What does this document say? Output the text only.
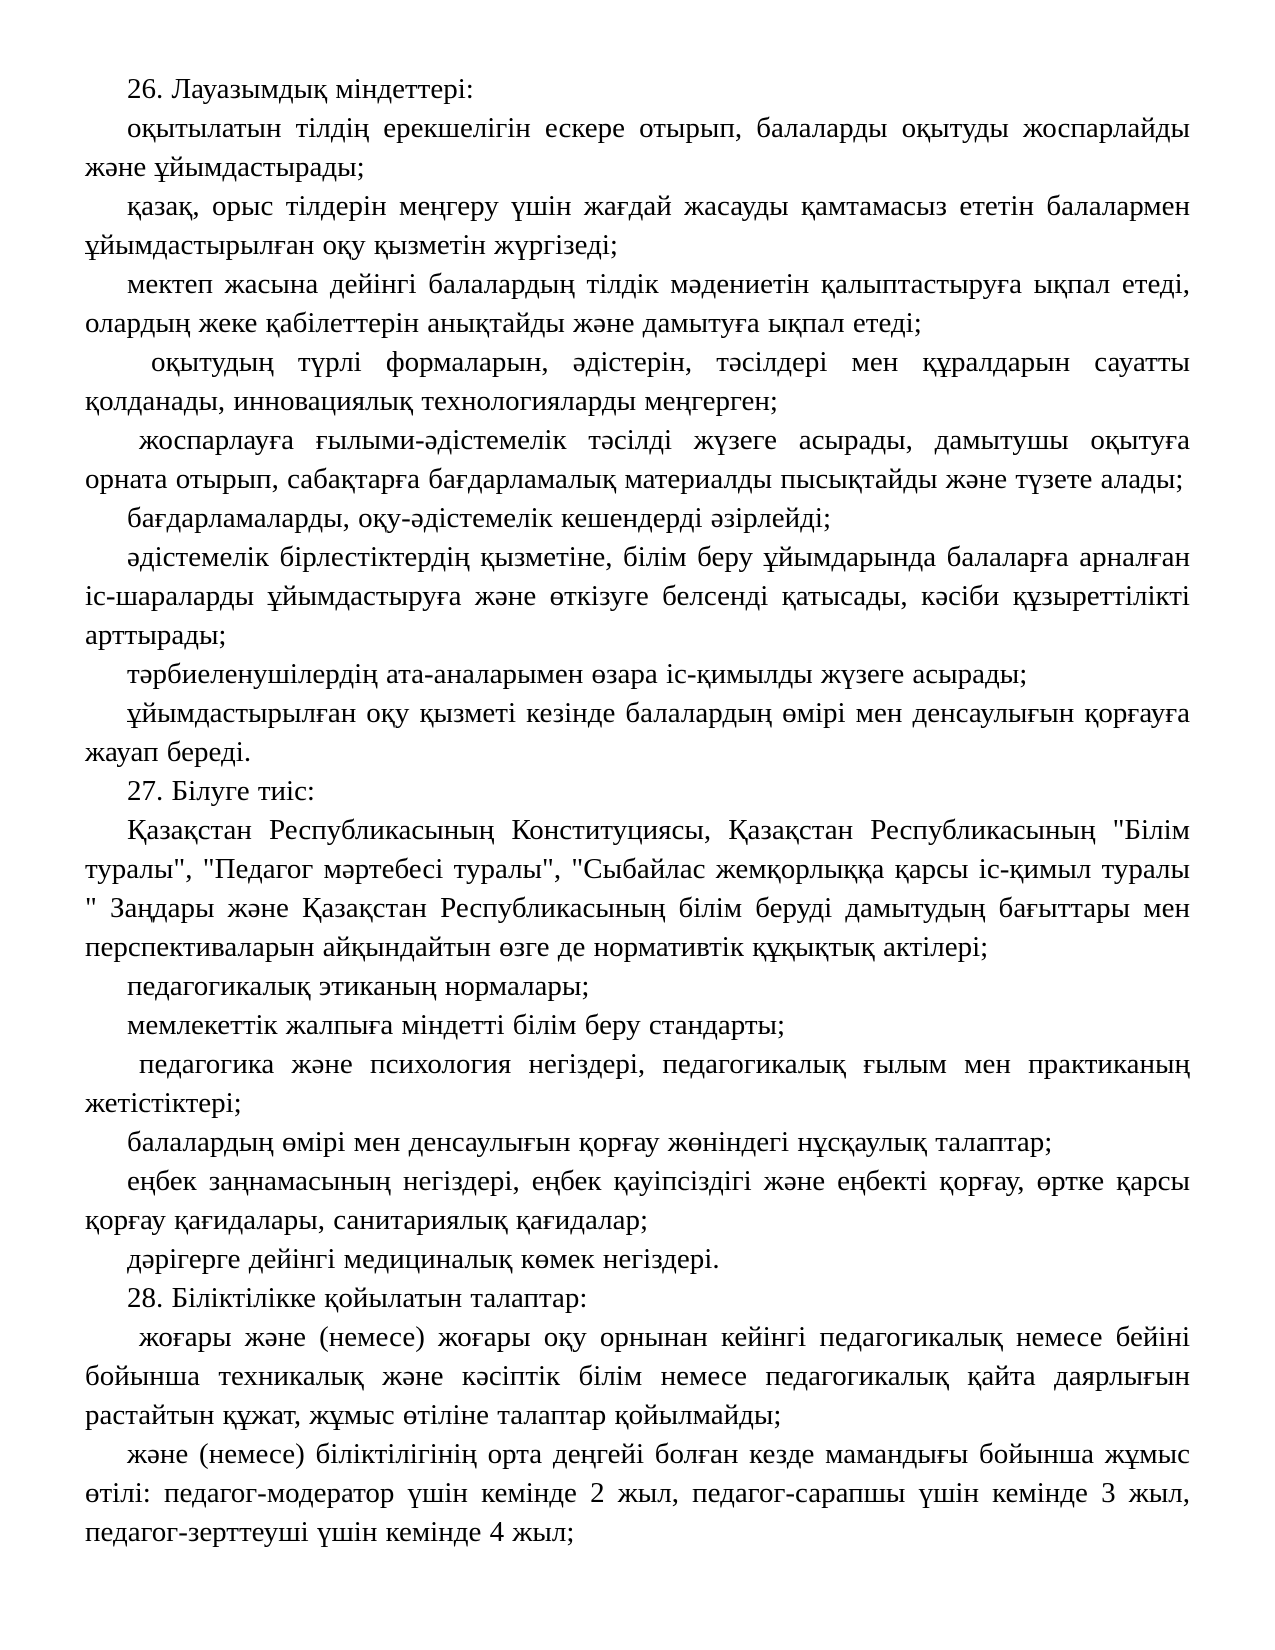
26. Лауазымдық міндеттері:

оқытылатын тілдің ерекшелігін ескере отырып, балаларды оқытуды жоспарлайды және ұйымдастырады;

қазақ, орыс тілдерін меңгеру үшін жағдай жасауды қамтамасыз ететін балалармен ұйымдастырылған оқу қызметін жүргізеді;

мектеп жасына дейінгі балалардың тілдік мәдениетін қалыптастыруға ықпал етеді, олардың жеке қабілеттерін анықтайды және дамытуға ықпал етеді;

оқытудың түрлі формаларын, әдістерін, тәсілдері мен құралдарын сауатты қолданады, инновациялық технологияларды меңгерген;

жоспарлауға ғылыми-әдістемелік тәсілді жүзеге асырады, дамытушы оқытуға орната отырып, сабақтарға бағдарламалық материалды пысықтайды және түзете алады;

бағдарламаларды, оқу-әдістемелік кешендерді әзірлейді;

әдістемелік бірлестіктердің қызметіне, білім беру ұйымдарында балаларға арналған іс-шараларды ұйымдастыруға және өткізуге белсенді қатысады, кәсіби құзыреттілікті арттырады;

тәрбиеленушілердің ата-аналарымен өзара іс-қимылды жүзеге асырады;

ұйымдастырылған оқу қызметі кезінде балалардың өмірі мен денсаулығын қорғауға жауап береді.

27. Білуге тиіс:

Қазақстан Республикасының Конституциясы, Қазақстан Республикасының "Білім туралы", "Педагог мәртебесі туралы", "Сыбайлас жемқорлыққа қарсы іс-қимыл туралы " Заңдары және Қазақстан Республикасының білім беруді дамытудың бағыттары мен перспективаларын айқындайтын өзге де нормативтік құқықтық актілері;

педагогикалық этиканың нормалары;

мемлекеттік жалпыға міндетті білім беру стандарты;

педагогика және психология негіздері, педагогикалық ғылым мен практиканың жетістіктері;

балалардың өмірі мен денсаулығын қорғау жөніндегі нұсқаулық талаптар;

еңбек заңнамасының негіздері, еңбек қауіпсіздігі және еңбекті қорғау, өртке қарсы қорғау қағидалары, санитариялық қағидалар;

дәрігерге дейінгі медициналық көмек негіздері.

28. Біліктілікке қойылатын талаптар:

жоғары және (немесе) жоғары оқу орнынан кейінгі педагогикалық немесе бейіні бойынша техникалық және кәсіптік білім немесе педагогикалық қайта даярлығын растайтын құжат, жұмыс өтіліне талаптар қойылмайды;

және (немесе) біліктілігінің орта деңгейі болған кезде мамандығы бойынша жұмыс өтілі: педагог-модератор үшін кемінде 2 жыл, педагог-сарапшы үшін кемінде 3 жыл, педагог-зерттеуші үшін кемінде 4 жыл;
